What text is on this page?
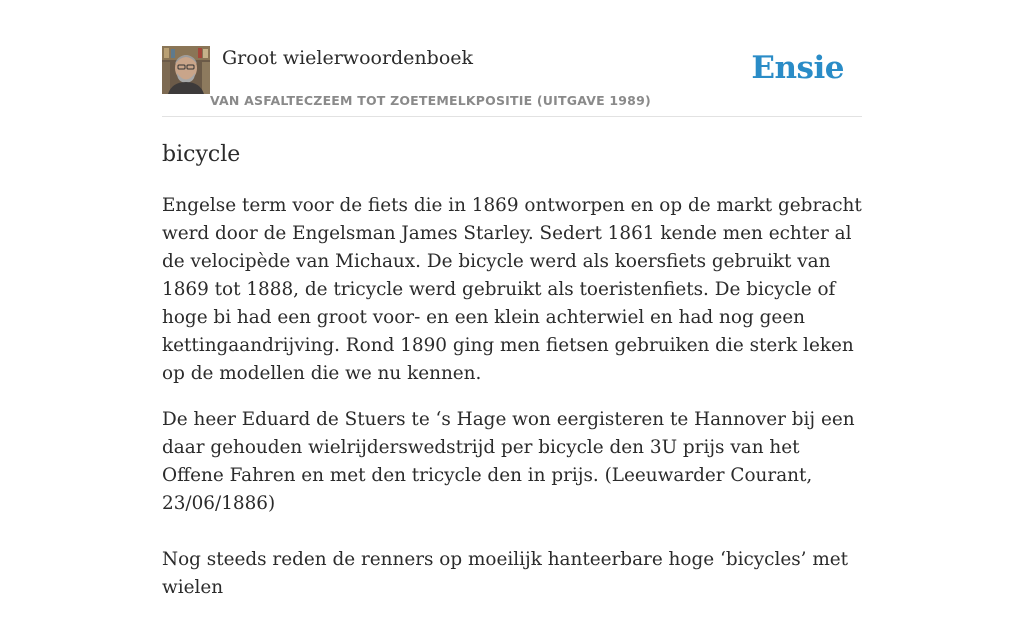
Groot wielerwoordenboek
VAN ASFALTECZEEM TOT ZOETEMELKPOSITIE (UITGAVE 1989)
Ensie
bicycle

Engelse term voor de fiets die in 1869 ontworpen en op de markt gebracht werd door de Engelsman James Starley. Sedert 1861 kende men echter al de velocipède van Michaux. De bicycle werd als koersfiets gebruikt van 1869 tot 1888, de tricycle werd gebruikt als toeristenfiets. De bicycle of hoge bi had een groot voor- en een klein achterwiel en had nog geen kettingaandrijving. Rond 1890 ging men fietsen gebruiken die sterk leken op de modellen die we nu kennen.

De heer Eduard de Stuers te ‘s Hage won eergisteren te Hannover bij een daar gehouden wielrijderswedstrijd per bicycle den 3U prijs van het Offene Fahren en met den tricycle den in prijs. (Leeuwarder Courant, 23/06/1886)

Nog steeds reden de renners op moeilijk hanteerbare hoge ‘bicycles’ met wielen
